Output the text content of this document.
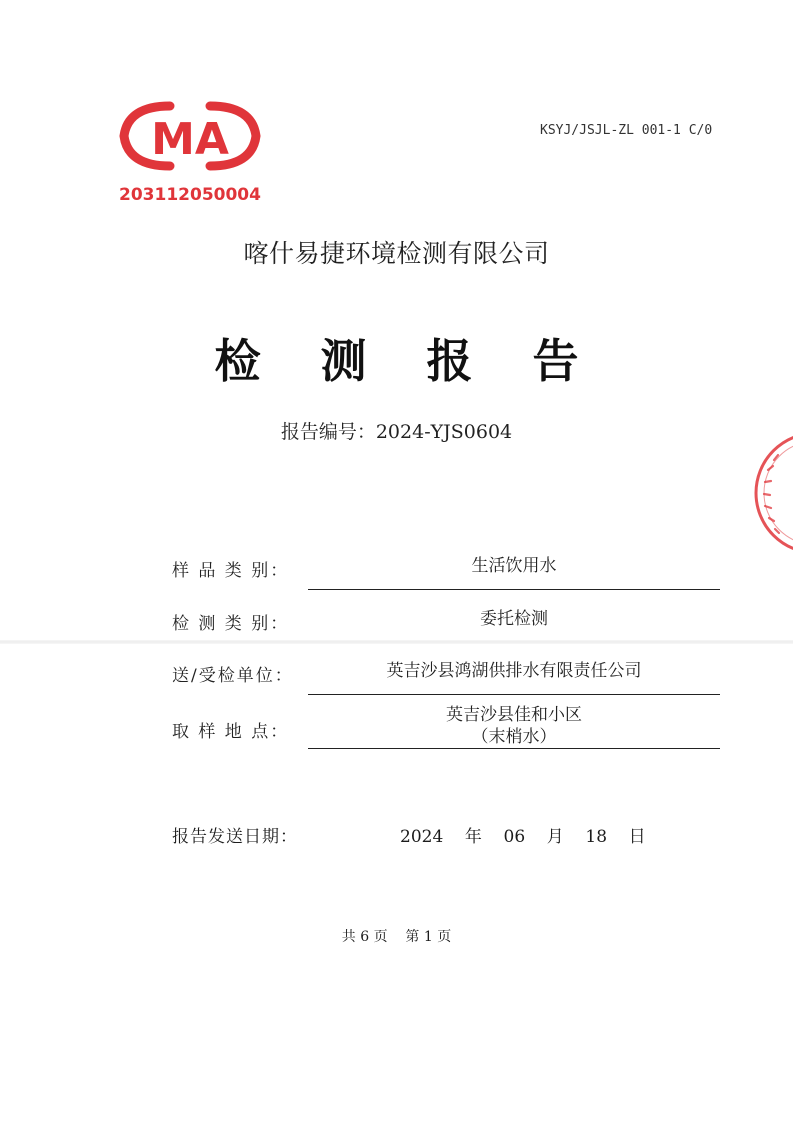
KSYJ/JSJL-ZL 001-1 C/0
MA
203112050004
喀什易捷环境检测有限公司
检 测 报 告
报告编号：2024-YJS0604
样 品 类 别：	生活饮用水
检 测 类 别：	委托检测
送/受检单位：	英吉沙县鸿湖供排水有限责任公司
取 样 地 点：
英吉沙县佳和小区
（末梢水）
报告发送日期：	2024 年 06 月 18 日
共 6 页    第 1 页
